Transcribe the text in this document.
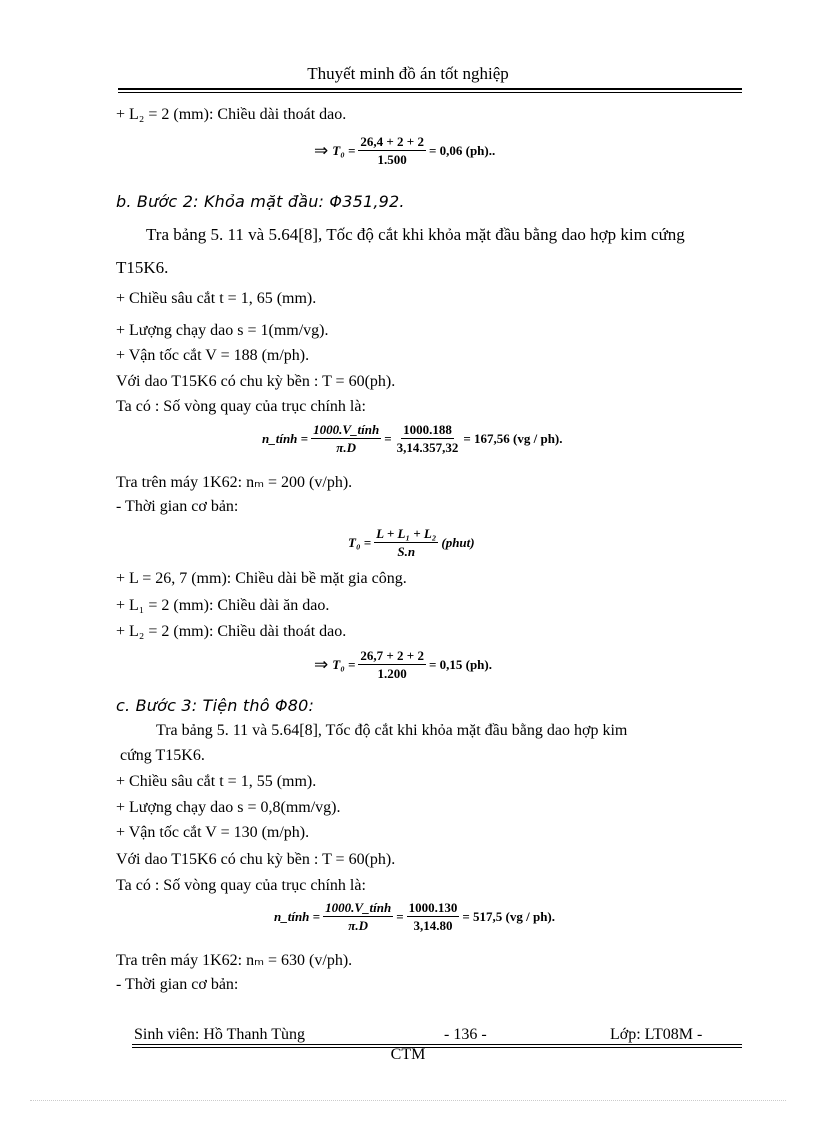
Thuyết minh đồ án tốt nghiệp
+ L₂ = 2 (mm): Chiều dài thoát dao.
⇒ $T_0 = \frac{26,4 + 2 + 2}{1.500} = 0,06$ (ph)..
b. Bước 2: Khỏa mặt đầu: Φ351,92.
Tra bảng 5. 11 và 5.64[8], Tốc độ cắt khi khỏa mặt đầu bằng dao hợp kim cứng
T15K6.
+ Chiều sâu cắt t = 1, 65 (mm).
+ Lượng chạy dao s = 1(mm/vg).
+ Vận tốc cắt V = 188 (m/ph).
Với dao T15K6 có chu kỳ bền : T = 60(ph).
Ta có : Số vòng quay của trục chính là:
n_tính = $\frac{\text{1000.V\_tính}}{\pi.D} = \frac{1000.188}{3,14.357,32} = 167,56$ (vg / ph).
Tra trên máy 1K62: nₘ = 200 (v/ph).
- Thời gian cơ bản:
$T_0 = \frac{\text{L + L₁ + L₂}}{S.n}$ (phut)
+ L = 26, 7 (mm): Chiều dài bề mặt gia công.
+ L₁ = 2 (mm): Chiều dài ăn dao.
+ L₂ = 2 (mm): Chiều dài thoát dao.
⇒ $T_0 = \frac{26,7 + 2 + 2}{1.200} = 0,15$ (ph).
c. Bước 3: Tiện thô Φ80:
Tra bảng 5. 11 và 5.64[8], Tốc độ cắt khi khỏa mặt đầu bằng dao hợp kim
cứng T15K6.
+ Chiều sâu cắt t = 1, 55 (mm).
+ Lượng chạy dao s = 0,8(mm/vg).
+ Vận tốc cắt V = 130 (m/ph).
Với dao T15K6 có chu kỳ bền : T = 60(ph).
Ta có : Số vòng quay của trục chính là:
n_tính = $\frac{\text{1000.V\_tính}}{\pi.D} = \frac{1000.130}{3,14.80} = 517,5$ (vg / ph).
Tra trên máy 1K62: nₘ = 630 (v/ph).
- Thời gian cơ bản:
Sinh viên: Hồ Thanh Tùng	- 136 -	Lớp: LT08M -
CTM
